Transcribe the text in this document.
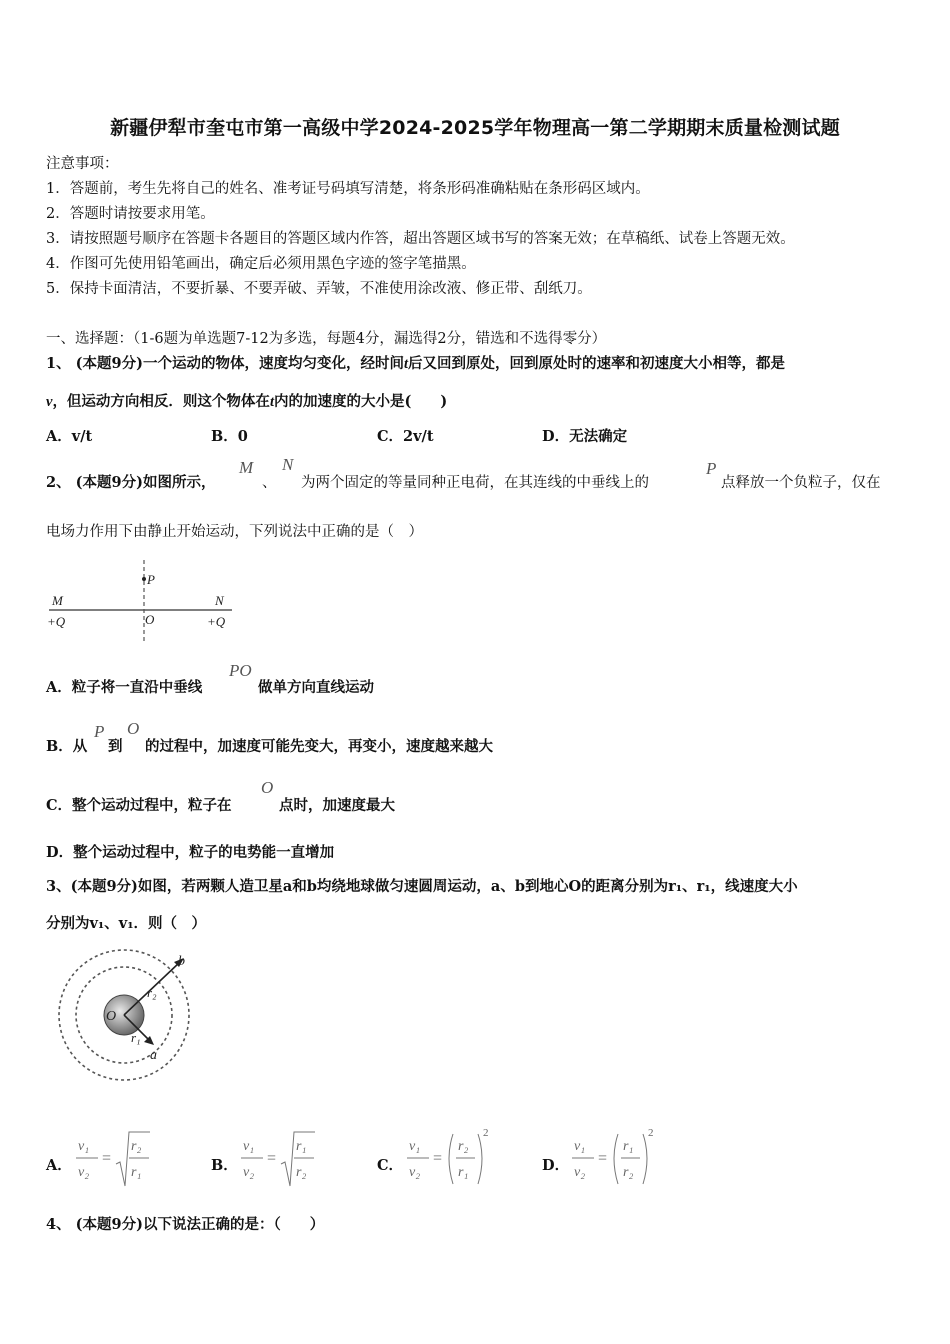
新疆伊犁市奎屯市第一高级中学2024-2025学年物理高一第二学期期末质量检测试题
注意事项：
1．答题前，考生先将自己的姓名、准考证号码填写清楚，将条形码准确粘贴在条形码区域内。
2．答题时请按要求用笔。
3．请按照题号顺序在答题卡各题目的答题区域内作答，超出答题区域书写的答案无效；在草稿纸、试卷上答题无效。
4．作图可先使用铅笔画出，确定后必须用黑色字迹的签字笔描黑。
5．保持卡面清洁，不要折暴、不要弄破、弄皱，不准使用涂改液、修正带、刮纸刀。
一、选择题：（1-6题为单选题7-12为多选，每题4分，漏选得2分，错选和不选得零分）
1、 (本题9分)一个运动的物体，速度均匀变化，经时间t后又回到原处，回到原处时的速率和初速度大小相等，都是
v，但运动方向相反．则这个物体在t内的加速度的大小是(　　)
A．v/t	B．0	C．2v/t	D．无法确定
2、 (本题9分)如图所示，
M
、
N
为两个固定的等量同种正电荷，在其连线的中垂线上的
P
点释放一个负粒子，仅在
电场力作用下由静止开始运动，下列说法中正确的是（　）
P
M	N
O
+Q	+Q
A．粒子将一直沿中垂线
PO
做单方向直线运动
B．从
P
到
O
的过程中，加速度可能先变大，再变小，速度越来越大
C．整个运动过程中，粒子在
O
点时，加速度最大
D．整个运动过程中，粒子的电势能一直增加
3、(本题9分)如图，若两颗人造卫星a和b均绕地球做匀速圆周运动，a、b到地心O的距离分别为r₁、r₁，线速度大小
分别为v₁、v₁．则（　）
b
r₂
O
r₁
a
A．
v₁
v₂
=
r₂
r₁	B．
v₁
v₂
=
r₁
r₂	C．
v₁
v₂
=
r₂
r₁
2
D．
v₁
v₂
=
r₁
r₂
2
4、 (本题9分)以下说法正确的是：（　　）
